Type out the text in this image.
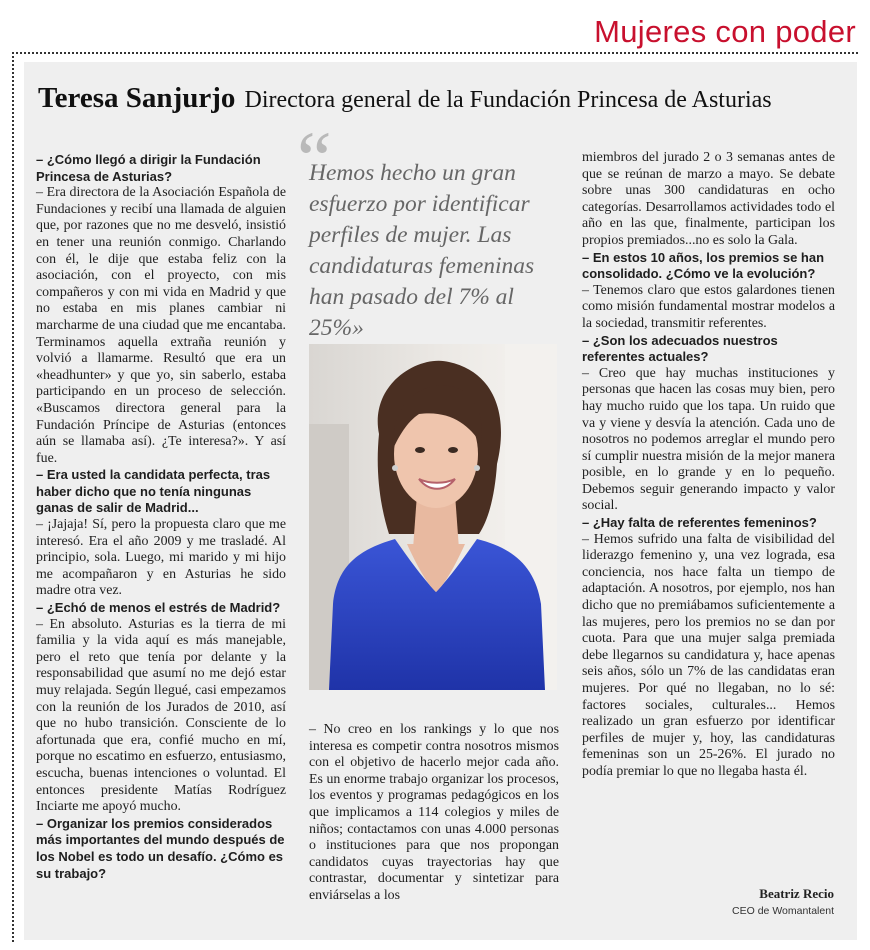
Mujeres con poder
Teresa Sanjurjo Directora general de la Fundación Princesa de Asturias

– ¿Cómo llegó a dirigir la Fundación Princesa de Asturias?

– Era directora de la Asociación Española de Fundaciones y recibí una llamada de alguien que, por razones que no me desveló, insistió en tener una reunión conmigo. Charlando con él, le dije que estaba feliz con la asociación, con el proyecto, con mis compañeros y con mi vida en Madrid y que no estaba en mis planes cambiar ni marcharme de una ciudad que me encantaba. Terminamos aquella extraña reunión y volvió a llamarme. Resultó que era un «headhunter» y que yo, sin saberlo, estaba participando en un proceso de selección. «Buscamos directora general para la Fundación Príncipe de Asturias (entonces aún se llamaba así). ¿Te interesa?». Y así fue.

– Era usted la candidata perfecta, tras haber dicho que no tenía ningunas ganas de salir de Madrid...

– ¡Jajaja! Sí, pero la propuesta claro que me interesó. Era el año 2009 y me trasladé. Al principio, sola. Luego, mi marido y mi hijo me acompañaron y en Asturias he sido madre otra vez.

– ¿Echó de menos el estrés de Madrid?

– En absoluto. Asturias es la tierra de mi familia y la vida aquí es más manejable, pero el reto que tenía por delante y la responsabilidad que asumí no me dejó estar muy relajada. Según llegué, casi empezamos con la reunión de los Jurados de 2010, así que no hubo transición. Consciente de lo afortunada que era, confié mucho en mí, porque no escatimo en esfuerzo, entusiasmo, escucha, buenas intenciones o voluntad. El entonces presidente Matías Rodríguez Inciarte me apoyó mucho.

– Organizar los premios considerados más importantes del mundo después de los Nobel es todo un desafío. ¿Cómo es su trabajo?

“
Hemos hecho un gran esfuerzo por identificar perfiles de mujer. Las candidaturas femeninas han pasado del 7% al 25%»

– No creo en los rankings y lo que nos interesa es competir contra nosotros mismos con el objetivo de hacerlo mejor cada año. Es un enorme trabajo organizar los procesos, los eventos y programas pedagógicos en los que implicamos a 114 colegios y miles de niños; contactamos con unas 4.000 personas o instituciones para que nos propongan candidatos cuyas trayectorias hay que contrastar, documentar y sintetizar para enviárselas a los

miembros del jurado 2 o 3 semanas antes de que se reúnan de marzo a mayo. Se debate sobre unas 300 candidaturas en ocho categorías. Desarrollamos actividades todo el año en las que, finalmente, participan los propios premiados...no es solo la Gala.

– En estos 10 años, los premios se han consolidado. ¿Cómo ve la evolución?

– Tenemos claro que estos galardones tienen como misión fundamental mostrar modelos a la sociedad, transmitir referentes.

– ¿Son los adecuados nuestros referentes actuales?

– Creo que hay muchas instituciones y personas que hacen las cosas muy bien, pero hay mucho ruido que los tapa. Un ruido que va y viene y desvía la atención. Cada uno de nosotros no podemos arreglar el mundo pero sí cumplir nuestra misión de la mejor manera posible, en lo grande y en lo pequeño. Debemos seguir generando impacto y valor social.

– ¿Hay falta de referentes femeninos?

– Hemos sufrido una falta de visibilidad del liderazgo femenino y, una vez lograda, esa conciencia, nos hace falta un tiempo de adaptación. A nosotros, por ejemplo, nos han dicho que no premiábamos suficientemente a las mujeres, pero los premios no se dan por cuota. Para que una mujer salga premiada debe llegarnos su candidatura y, hace apenas seis años, sólo un 7% de las candidatas eran mujeres. Por qué no llegaban, no lo sé: factores sociales, culturales... Hemos realizado un gran esfuerzo por identificar perfiles de mujer y, hoy, las candidaturas femeninas son un 25-26%. El jurado no podía premiar lo que no llegaba hasta él.

Beatriz Recio
CEO de Womantalent
